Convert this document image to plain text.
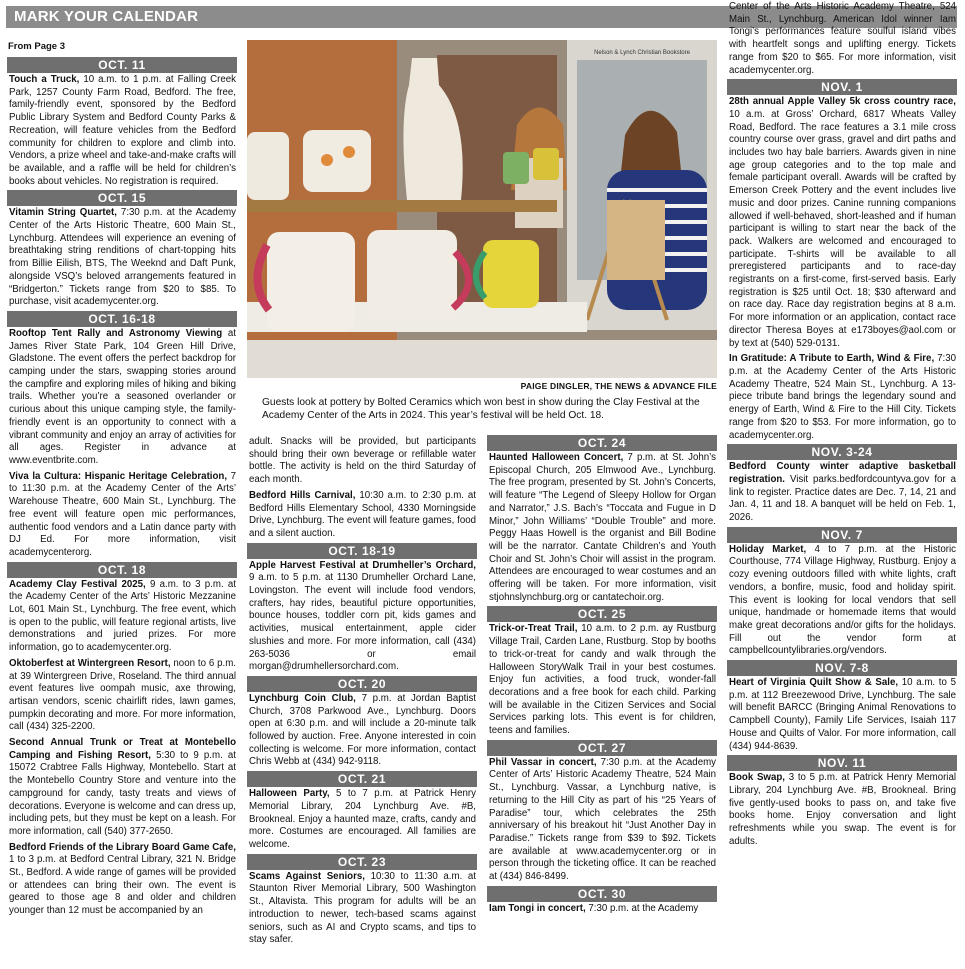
MARK YOUR CALENDAR
From Page 3
OCT. 11
Touch a Truck, 10 a.m. to 1 p.m. at Falling Creek Park, 1257 County Farm Road, Bedford. The free, family-friendly event, sponsored by the Bedford Public Library System and Bedford County Parks & Recreation, will feature vehicles from the Bedford community for children to explore and climb into. Vendors, a prize wheel and take-and-make crafts will be available, and a raffle will be held for children’s books about vehicles. No registration is required.
OCT. 15
Vitamin String Quartet, 7:30 p.m. at the Academy Center of the Arts Historic Theatre, 600 Main St., Lynchburg. Attendees will experience an evening of breathtaking string renditions of chart-topping hits from Billie Eilish, BTS, The Weeknd and Daft Punk, alongside VSQ’s beloved arrangements featured in “Bridgerton.” Tickets range from $20 to $85. To purchase, visit academycenter.org.
OCT. 16-18
Rooftop Tent Rally and Astronomy Viewing at James River State Park, 104 Green Hill Drive, Gladstone. The event offers the perfect backdrop for camping under the stars, swapping stories around the campfire and exploring miles of hiking and biking trails. Whether you’re a seasoned overlander or curious about this unique camping style, the family-friendly event is an opportunity to connect with a vibrant community and enjoy an array of activities for all ages. Register in advance at www.eventbrite.com.
Viva la Cultura: Hispanic Heritage Celebration, 7 to 11:30 p.m. at the Academy Center of the Arts’ Warehouse Theatre, 600 Main St., Lynchburg. The free event will feature open mic performances, authentic food vendors and a Latin dance party with DJ Ed. For more information, visit academycenterorg.
OCT. 18
Academy Clay Festival 2025, 9 a.m. to 3 p.m. at the Academy Center of the Arts’ Historic Mezzanine Lot, 601 Main St., Lynchburg. The free event, which is open to the public, will feature regional artists, live demonstrations and juried prizes. For more information, go to academycenter.org.
Oktoberfest at Wintergreen Resort, noon to 6 p.m. at 39 Wintergreen Drive, Roseland. The third annual event features live oompah music, axe throwing, artisan vendors, scenic chairlift rides, lawn games, pumpkin decorating and more. For more information, call (434) 325-2200.
Second Annual Trunk or Treat at Montebello Camping and Fishing Resort, 5:30 to 9 p.m. at 15072 Crabtree Falls Highway, Montebello. Start at the Montebello Country Store and venture into the campground for candy, tasty treats and views of decorations. Everyone is welcome and can dress up, including pets, but they must be kept on a leash. For more information, call (540) 377-2650.
Bedford Friends of the Library Board Game Cafe, 1 to 3 p.m. at Bedford Central Library, 321 N. Bridge St., Bedford. A wide range of games will be provided or attendees can bring their own. The event is geared to those age 8 and older and children younger than 12 must be accompanied by an
Nelson & Lynch Christian Bookstore
PAIGE DINGLER, THE NEWS & ADVANCE FILE
Guests look at pottery by Bolted Ceramics which won best in show during the Clay Festival at the Academy Center of the Arts in 2024. This year’s festival will be held Oct. 18.
adult. Snacks will be provided, but participants should bring their own beverage or refillable water bottle. The activity is held on the third Saturday of each month.
Bedford Hills Carnival, 10:30 a.m. to 2:30 p.m. at Bedford Hills Elementary School, 4330 Morningside Drive, Lynchburg. The event will feature games, food and a silent auction.
OCT. 18-19
Apple Harvest Festival at Drumheller’s Orchard, 9 a.m. to 5 p.m. at 1130 Drumheller Orchard Lane, Lovingston. The event will include food vendors, crafters, hay rides, beautiful picture opportunities, bounce houses, toddler corn pit, kids games and activities, musical entertainment, apple cider slushies and more. For more information, call (434) 263-5036 or email morgan@drumhellersorchard.com.
OCT. 20
Lynchburg Coin Club, 7 p.m. at Jordan Baptist Church, 3708 Parkwood Ave., Lynchburg. Doors open at 6:30 p.m. and will include a 20-minute talk followed by auction. Free. Anyone interested in coin collecting is welcome. For more information, contact Chris Webb at (434) 942-9118.
OCT. 21
Halloween Party, 5 to 7 p.m. at Patrick Henry Memorial Library, 204 Lynchburg Ave. #B, Brookneal. Enjoy a haunted maze, crafts, candy and more. Costumes are encouraged. All families are welcome.
OCT. 23
Scams Against Seniors, 10:30 to 11:30 a.m. at Staunton River Memorial Library, 500 Washington St., Altavista. This program for adults will be an introduction to newer, tech-based scams against seniors, such as AI and Crypto scams, and tips to stay safer.
OCT. 24
Haunted Halloween Concert, 7 p.m. at St. John’s Episcopal Church, 205 Elmwood Ave., Lynchburg. The free program, presented by St. John’s Concerts, will feature “The Legend of Sleepy Hollow for Organ and Narrator,” J.S. Bach’s “Toccata and Fugue in D Minor,” John Williams’ “Double Trouble” and more. Peggy Haas Howell is the organist and Bill Bodine will be the narrator. Cantate Children’s and Youth Choir and St. John’s Choir will assist in the program. Attendees are encouraged to wear costumes and an offering will be taken. For more information, visit stjohnslynchburg.org or cantatechoir.org.
OCT. 25
Trick-or-Treat Trail, 10 a.m. to 2 p.m. ay Rustburg Village Trail, Carden Lane, Rustburg. Stop by booths to trick-or-treat for candy and walk through the Halloween StoryWalk Trail in your best costumes. Enjoy fun activities, a food truck, wonder-fall decorations and a free book for each child. Parking will be available in the Citizen Services and Social Services parking lots. This event is for children, teens and families.
OCT. 27
Phil Vassar in concert, 7:30 p.m. at the Academy Center of Arts’ Historic Academy Theatre, 524 Main St., Lynchburg. Vassar, a Lynchburg native, is returning to the Hill City as part of his “25 Years of Paradise” tour, which celebrates the 25th anniversary of his breakout hit “Just Another Day in Paradise.” Tickets range from $39 to $92. Tickets are available at www.academycenter.org or in person through the ticketing office. It can be reached at (434) 846-8499.
OCT. 30
Iam Tongi in concert, 7:30 p.m. at the Academy
Center of the Arts Historic Academy Theatre, 524 Main St., Lynchburg. American Idol winner Iam Tongi’s performances feature soulful island vibes with heartfelt songs and uplifting energy. Tickets range from $20 to $65. For more information, visit academycenter.org.
NOV. 1
28th annual Apple Valley 5k cross country race, 10 a.m. at Gross’ Orchard, 6817 Wheats Valley Road, Bedford. The race features a 3.1 mile cross country course over grass, gravel and dirt paths and includes two hay bale barriers. Awards given in nine age group categories and to the top male and female participant overall. Awards will be crafted by Emerson Creek Pottery and the event includes live music and door prizes. Canine running companions allowed if well-behaved, short-leashed and if human participant is willing to start near the back of the pack. Walkers are welcomed and encouraged to participate. T-shirts will be available to all preregistered participants and to race-day registrants on a first-come, first-served basis. Early registration is $25 until Oct. 18; $30 afterward and on race day. Race day registration begins at 8 a.m. For more information or an application, contact race director Theresa Boyes at e173boyes@aol.com or by text at (540) 529-0131.
In Gratitude: A Tribute to Earth, Wind & Fire, 7:30 p.m. at the Academy Center of the Arts Historic Academy Theatre, 524 Main St., Lynchburg. A 13-piece tribute band brings the legendary sound and energy of Earth, Wind & Fire to the Hill City. Tickets range from $20 to $53. For more information, go to academycenter.org.
NOV. 3-24
Bedford County winter adaptive basketball registration. Visit parks.bedfordcountyva.gov for a link to register. Practice dates are Dec. 7, 14, 21 and Jan. 4, 11 and 18. A banquet will be held on Feb. 1, 2026.
NOV. 7
Holiday Market, 4 to 7 p.m. at the Historic Courthouse, 774 Village Highway, Rustburg. Enjoy a cozy evening outdoors filled with white lights, craft vendors, a bonfire, music, food and holiday spirit. This event is looking for local vendors that sell unique, handmade or homemade items that would make great decorations and/or gifts for the holidays. Fill out the vendor form at campbellcountylibraries.org/vendors.
NOV. 7-8
Heart of Virginia Quilt Show & Sale, 10 a.m. to 5 p.m. at 112 Breezewood Drive, Lynchburg. The sale will benefit BARCC (Bringing Animal Renovations to Campbell County), Family Life Services, Isaiah 117 House and Quilts of Valor. For more information, call (434) 944-8639.
NOV. 11
Book Swap, 3 to 5 p.m. at Patrick Henry Memorial Library, 204 Lynchburg Ave. #B, Brookneal. Bring five gently-used books to pass on, and take five books home. Enjoy conversation and light refreshments while you swap. The event is for adults.
